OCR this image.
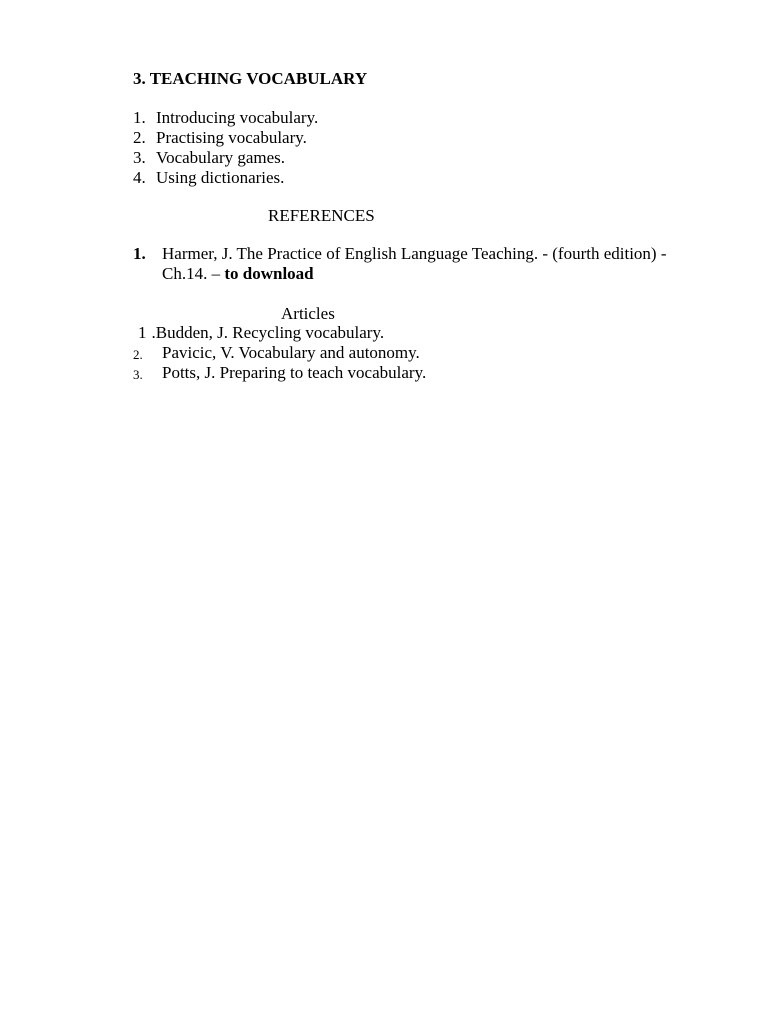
3. TEACHING VOCABULARY
1. Introducing vocabulary.
2. Practising vocabulary.
3. Vocabulary games.
4. Using dictionaries.
REFERENCES
1. Harmer, J. The Practice of English Language Teaching. - (fourth edition) -
Ch.14. – to download
Articles
1 .Budden, J. Recycling vocabulary.
2. Pavicic, V. Vocabulary and autonomy.
3. Potts, J. Preparing to teach vocabulary.
